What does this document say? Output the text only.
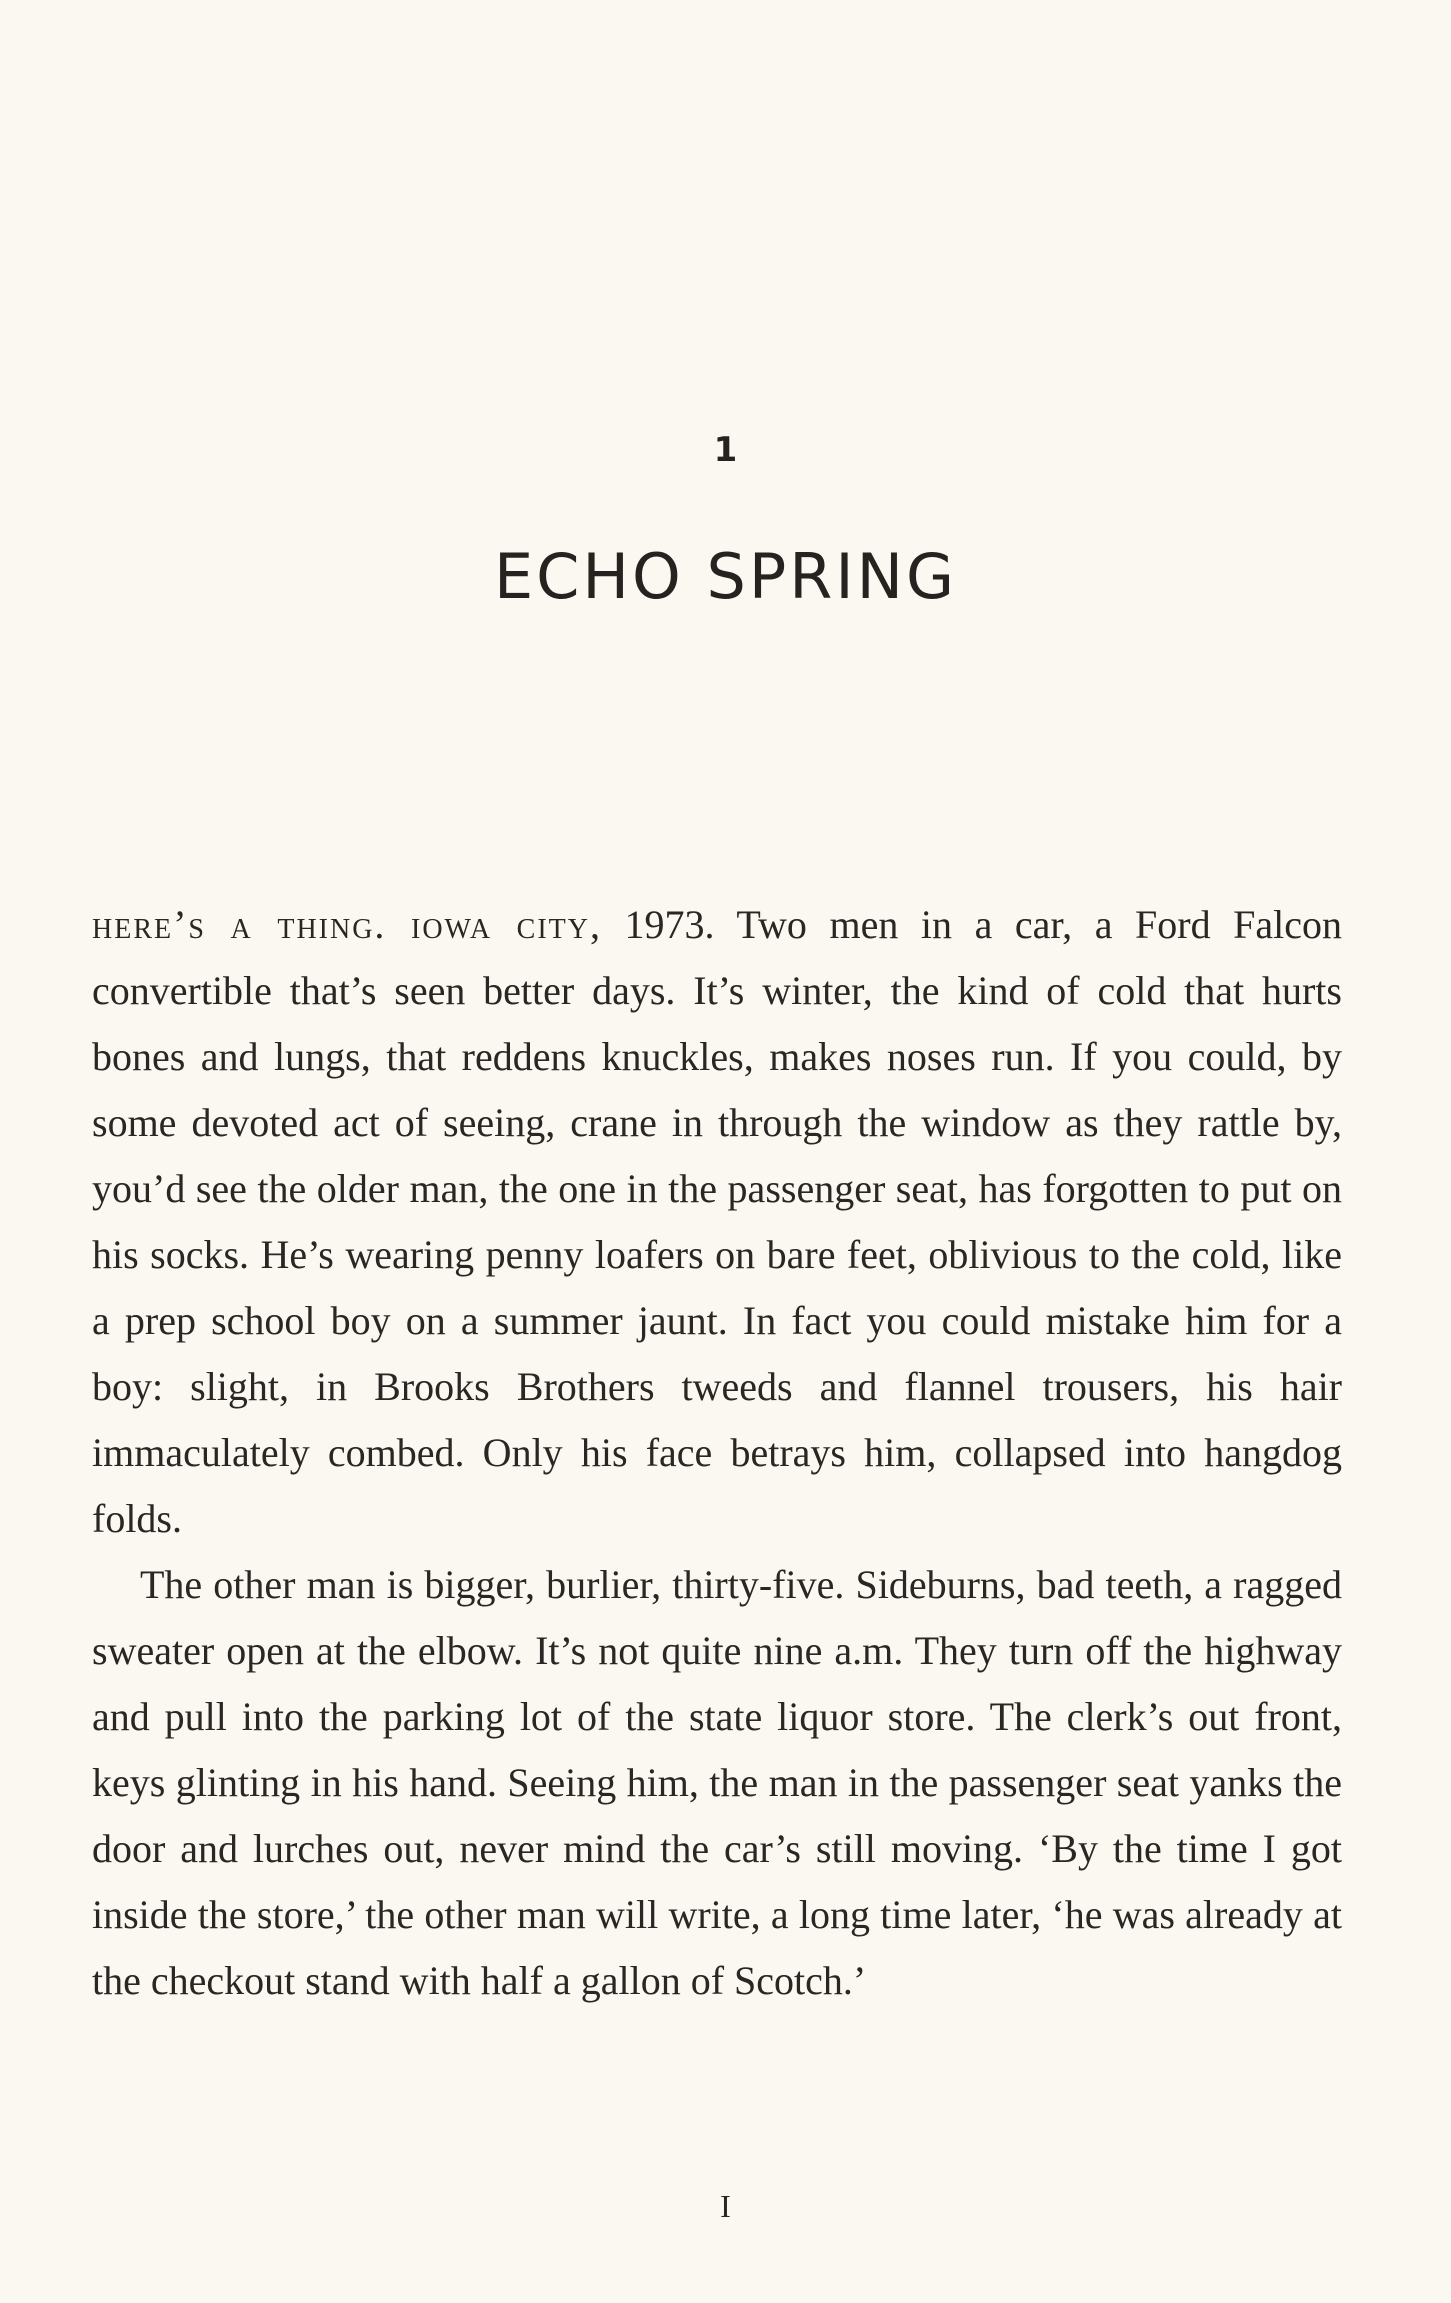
1
ECHO SPRING

here’s a thing. iowa city, 1973. Two men in a car, a Ford Falcon convertible that’s seen better days. It’s winter, the kind of cold that hurts bones and lungs, that reddens knuckles, makes noses run. If you could, by some devoted act of seeing, crane in through the window as they rattle by, you’d see the older man, the one in the passenger seat, has forgotten to put on his socks. He’s wearing penny loafers on bare feet, oblivious to the cold, like a prep school boy on a summer jaunt. In fact you could mistake him for a boy: slight, in Brooks Brothers tweeds and flannel trousers, his hair immaculately combed. Only his face betrays him, collapsed into hangdog folds.

The other man is bigger, burlier, thirty-five. Sideburns, bad teeth, a ragged sweater open at the elbow. It’s not quite nine a.m. They turn off the highway and pull into the parking lot of the state liquor store. The clerk’s out front, keys glinting in his hand. Seeing him, the man in the passenger seat yanks the door and lurches out, never mind the car’s still moving. ‘By the time I got inside the store,’ the other man will write, a long time later, ‘he was already at the checkout stand with half a gallon of Scotch.’

I
